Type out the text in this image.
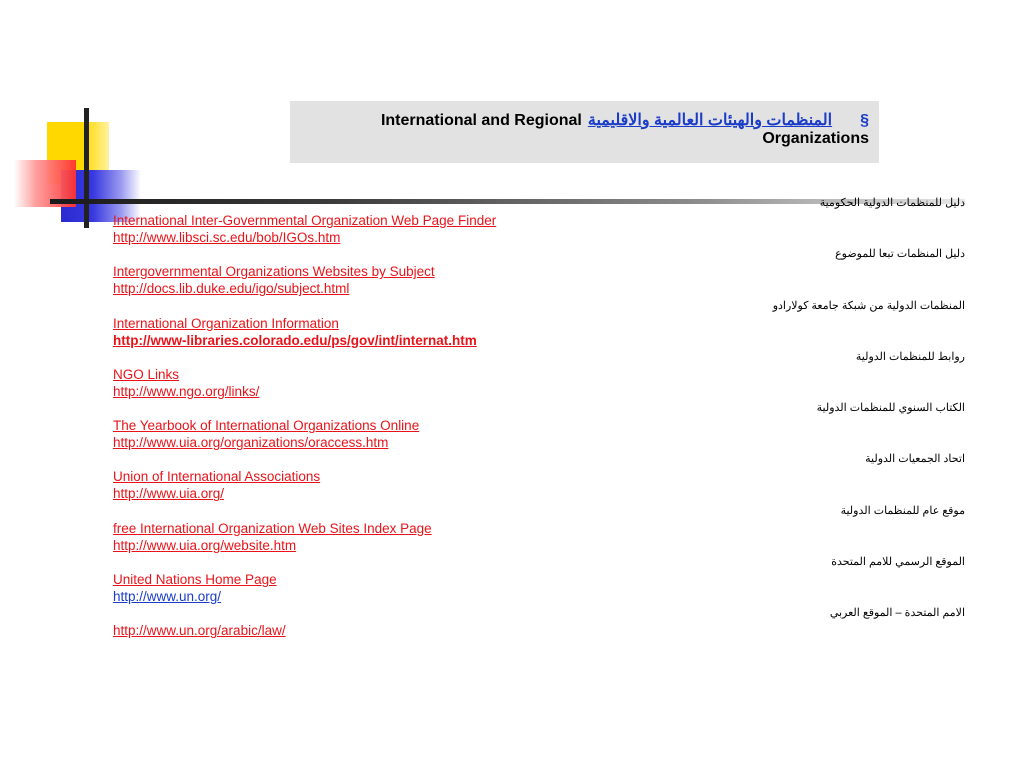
International and Regional المنظمات والهيئات العالمية والاقليمية §
Organizations
دليل للمنظمات الدولية الحكومية
International Inter-Governmental Organization Web Page Finder
http://www.libsci.sc.edu/bob/IGOs.htm
دليل المنظمات تبعا للموضوع
Intergovernmental Organizations Websites by Subject
http://docs.lib.duke.edu/igo/subject.html
المنظمات الدولية من شبكة جامعة كولارادو
International Organization Information
http://www-libraries.colorado.edu/ps/gov/int/internat.htm
روابط للمنظمات الدولية
NGO Links
http://www.ngo.org/links/
الكتاب السنوي للمنظمات الدولية
The Yearbook of International Organizations Online
http://www.uia.org/organizations/oraccess.htm
اتحاد الجمعيات الدولية
Union of International Associations
http://www.uia.org/
موقع عام للمنظمات الدولية
free International Organization Web Sites Index Page
http://www.uia.org/website.htm
الموقع الرسمي للامم المتحدة
United Nations Home Page
http://www.un.org/
الامم المتحدة – الموقع العربي
http://www.un.org/arabic/law/
